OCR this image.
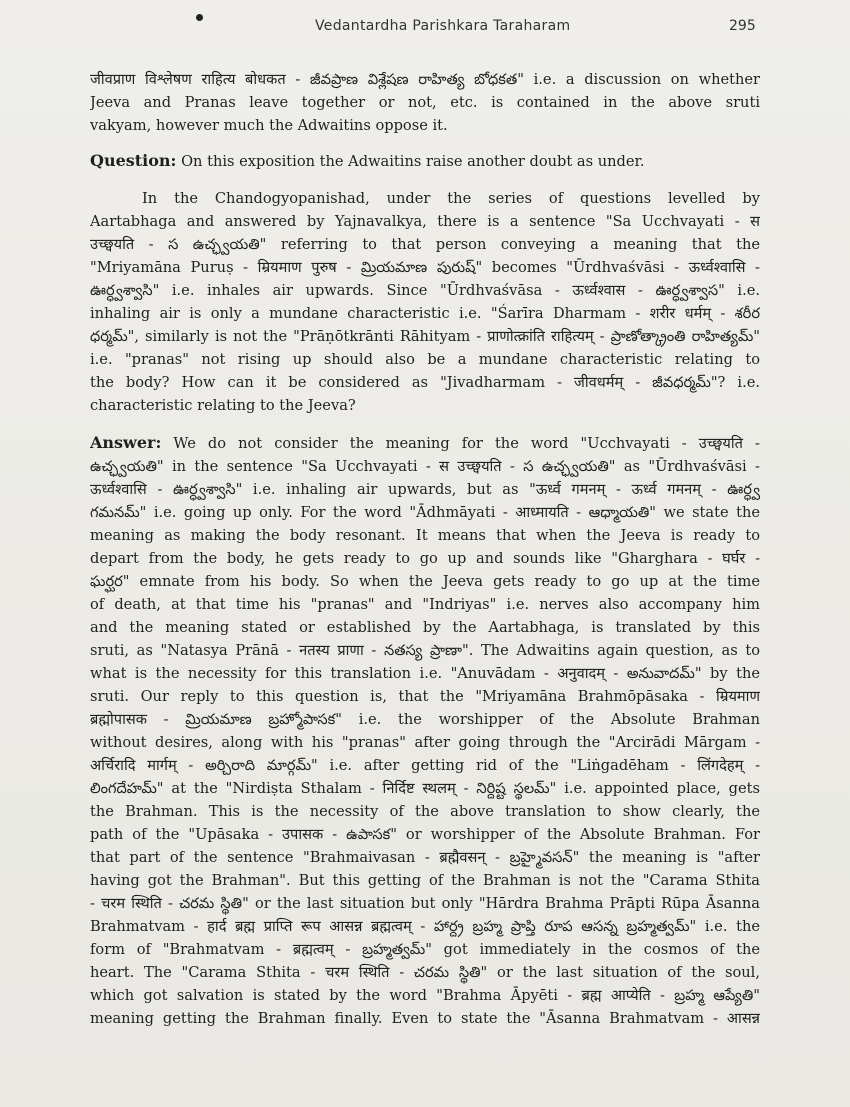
Vedantardha Parishkara Taraharam	295
जीवप्राण विश्लेषण राहित्य बोधकत - జీవప్రాణ విశ్లేషణ రాహిత్య బోధకత" i.e. a discussion on whether
Jeeva and Pranas leave together or not, etc. is contained in the above sruti
vakyam, however much the Adwaitins oppose it.
Question: On this exposition the Adwaitins raise another doubt as under.
In the Chandogyopanishad, under the series of questions levelled by
Aartabhaga and answered by Yajnavalkya, there is a sentence "Sa Ucchvayati - स
उच्छ्वयति - స ఉచ్ఛ్వయతి" referring to that person conveying a meaning that the
"Mriyamāna Puruṣ - म्रियमाण पुरुष - మ్రియమాణ పురుష్" becomes "Ūrdhvaśvāsi - ऊर्ध्वश्वासि -
ఊర్ధ్వశ్వాసి" i.e. inhales air upwards. Since "Ūrdhvaśvāsa - ऊर्ध्वश्वास - ఊర్ధ్వశ్వాస" i.e.
inhaling air is only a mundane characteristic i.e. "Śarīra Dharmam - शरीर धर्मम् - శరీర
ధర్మమ్", similarly is not the "Prāṇōtkrānti Rāhityam - प्राणोत्क्रांति राहित्यम् - ప్రాణోత్క్రాంతి రాహిత్యమ్"
i.e. "pranas" not rising up should also be a mundane characteristic relating to
the body? How can it be considered as "Jivadharmam - जीवधर्मम् - జీవధర్మమ్"? i.e.
characteristic relating to the Jeeva?
Answer: We do not consider the meaning for the word "Ucchvayati - उच्छ्वयति -
ఉచ్ఛ్వయతి" in the sentence "Sa Ucchvayati - स उच्छ्वयति - స ఉచ్ఛ్వయతి" as "Ūrdhvaśvāsi -
ऊर्ध्वश्वासि - ఊర్ధ్వశ్వాసి" i.e. inhaling air upwards, but as "ऊर्ध्व गमनम् - ऊर्ध्व गमनम् - ఊర్ధ్వ
గమనమ్" i.e. going up only. For the word "Ādhmāyati - आध्मायति - ఆధ్మాయతి" we state the
meaning as making the body resonant. It means that when the Jeeva is ready to
depart from the body, he gets ready to go up and sounds like "Gharghara - घर्घर -
ఘర్ఘర" emnate from his body. So when the Jeeva gets ready to go up at the time
of death, at that time his "pranas" and "Indriyas" i.e. nerves also accompany him
and the meaning stated or established by the Aartabhaga, is translated by this
sruti, as "Natasya Prānā - नतस्य प्राणा - నతస్య ప్రాణా". The Adwaitins again question, as to
what is the necessity for this translation i.e. "Anuvādam - अनुवादम् - అనువాదమ్" by the
sruti. Our reply to this question is, that the "Mriyamāna Brahmōpāsaka - म्रियमाण
ब्रह्मोपासक - మ్రియమాణ బ్రహ్మోపాసక" i.e. the worshipper of the Absolute Brahman
without desires, along with his "pranas" after going through the "Arcirādi Mārgam -
अर्चिरादि मार्गम् - అర్చిరాది మార్గమ్" i.e. after getting rid of the "Liṅgadēham - लिंगदेहम् -
లింగదేహమ్" at the "Nirdiṣta Sthalam - निर्दिष्ट स्थलम् - నిర్దిష్ట స్థలమ్" i.e. appointed place, gets
the Brahman. This is the necessity of the above translation to show clearly, the
path of the "Upāsaka - उपासक - ఉపాసక" or worshipper of the Absolute Brahman. For
that part of the sentence "Brahmaivasan - ब्रह्मैवसन् - బ్రహ్మైవసన్" the meaning is "after
having got the Brahman". But this getting of the Brahman is not the "Carama Sthita
- चरम स्थिति - చరమ స్థితి" or the last situation but only "Hārdra Brahma Prāpti Rūpa Āsanna
Brahmatvam - हार्द ब्रह्म प्राप्ति रूप आसन्न ब्रह्मत्वम् - హార్ద్ర బ్రహ్మ ప్రాప్తి రూప ఆసన్న బ్రహ్మత్వమ్" i.e. the
form of "Brahmatvam - ब्रह्मत्वम् - బ్రహ్మత్వమ్" got immediately in the cosmos of the
heart. The "Carama Sthita - चरम स्थिति - చరమ స్థితి" or the last situation of the soul,
which got salvation is stated by the word "Brahma Āpyēti - ब्रह्म आप्येति - బ్రహ్మ ఆప్యేతి"
meaning getting the Brahman finally. Even to state the "Āsanna Brahmatvam - आसन्न
